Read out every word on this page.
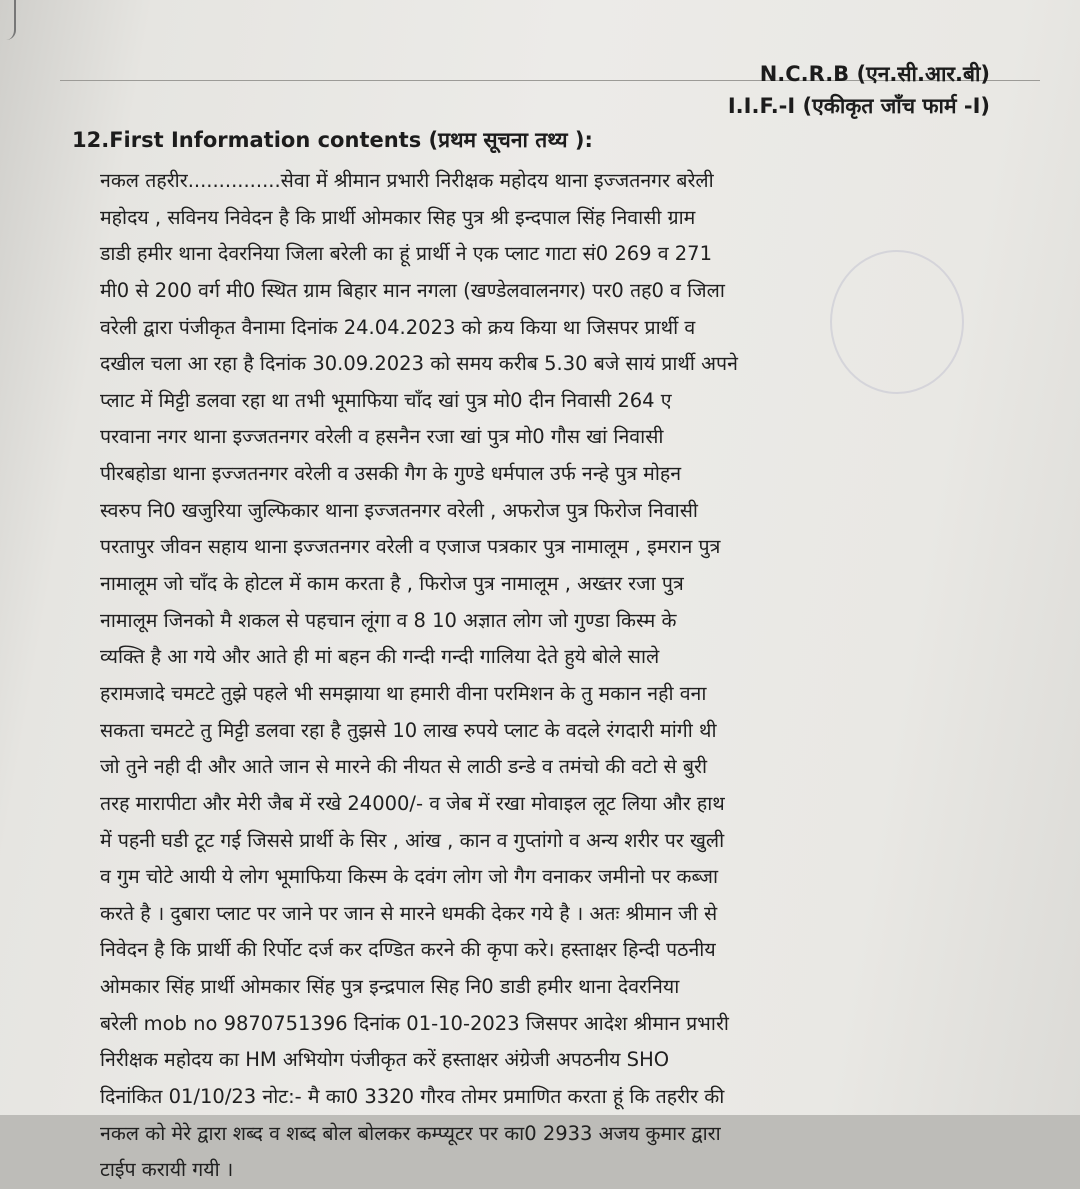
N.C.R.B (एन.सी.आर.बी)
I.I.F.-I (एकीकृत जाँच फार्म -I)
12.First Information contents (प्रथम सूचना तथ्य ):
नकल तहरीर...............सेवा में श्रीमान प्रभारी निरीक्षक महोदय थाना इज्जतनगर बरेली
महोदय , सविनय निवेदन है कि प्रार्थी ओमकार सिह पुत्र श्री इन्दपाल सिंह निवासी ग्राम
डाडी हमीर थाना देवरनिया जिला बरेली का हूं प्रार्थी ने एक प्लाट गाटा सं0 269 व 271
मी0 से 200 वर्ग मी0 स्थित ग्राम बिहार मान नगला (खण्डेलवालनगर) पर0 तह0 व जिला
वरेली द्वारा पंजीकृत वैनामा दिनांक 24.04.2023 को क्रय किया था जिसपर प्रार्थी व
दखील चला आ रहा है दिनांक 30.09.2023 को समय करीब 5.30 बजे सायं प्रार्थी अपने
प्लाट में मिट्टी डलवा रहा था तभी भूमाफिया चाँद खां पुत्र मो0 दीन निवासी 264 ए
परवाना नगर थाना इज्जतनगर वरेली व हसनैन रजा खां पुत्र मो0 गौस खां निवासी
पीरबहोडा थाना इज्जतनगर वरेली व उसकी गैग के गुण्डे धर्मपाल उर्फ नन्हे पुत्र मोहन
स्वरुप नि0 खजुरिया जुल्फिकार थाना इज्जतनगर वरेली , अफरोज पुत्र फिरोज निवासी
परतापुर जीवन सहाय थाना इज्जतनगर वरेली व एजाज पत्रकार पुत्र नामालूम , इमरान पुत्र
नामालूम जो चाँद के होटल में काम करता है , फिरोज पुत्र नामालूम , अख्तर रजा पुत्र
नामालूम जिनको मै शकल से पहचान लूंगा व 8 10 अज्ञात लोग जो गुण्डा किस्म के
व्यक्ति है आ गये और आते ही मां बहन की गन्दी गन्दी गालिया देते हुये बोले साले
हरामजादे चमटटे तुझे पहले भी समझाया था हमारी वीना परमिशन के तु मकान नही वना
सकता चमटटे तु मिट्टी डलवा रहा है तुझसे 10 लाख रुपये प्लाट के वदले रंगदारी मांगी थी
जो तुने नही दी और आते जान से मारने की नीयत से लाठी डन्डे व तमंचो की वटो से बुरी
तरह मारापीटा और मेरी जैब में रखे 24000/- व जेब में रखा मोवाइल लूट लिया और हाथ
में पहनी घडी टूट गई जिससे प्रार्थी के सिर , आंख , कान व गुप्तांगो व अन्य शरीर पर खुली
व गुम चोटे आयी ये लोग भूमाफिया किस्म के दवंग लोग जो गैग वनाकर जमीनो पर कब्जा
करते है । दुबारा प्लाट पर जाने पर जान से मारने धमकी देकर गये है । अतः श्रीमान जी से
निवेदन है कि प्रार्थी की रिर्पोट दर्ज कर दण्डित करने की कृपा करे। हस्ताक्षर हिन्दी पठनीय
ओमकार सिंह प्रार्थी ओमकार सिंह पुत्र इन्द्रपाल सिह नि0 डाडी हमीर थाना देवरनिया
बरेली mob no 9870751396 दिनांक 01-10-2023 जिसपर आदेश श्रीमान प्रभारी
निरीक्षक महोदय का HM अभियोग पंजीकृत करें हस्ताक्षर अंग्रेजी अपठनीय SHO
दिनांकित 01/10/23 नोट:- मै का0 3320 गौरव तोमर प्रमाणित करता हूं कि तहरीर की
नकल को मेरे द्वारा शब्द व शब्द बोल बोलकर कम्प्यूटर पर का0 2933 अजय कुमार द्वारा
टाईप करायी गयी ।
